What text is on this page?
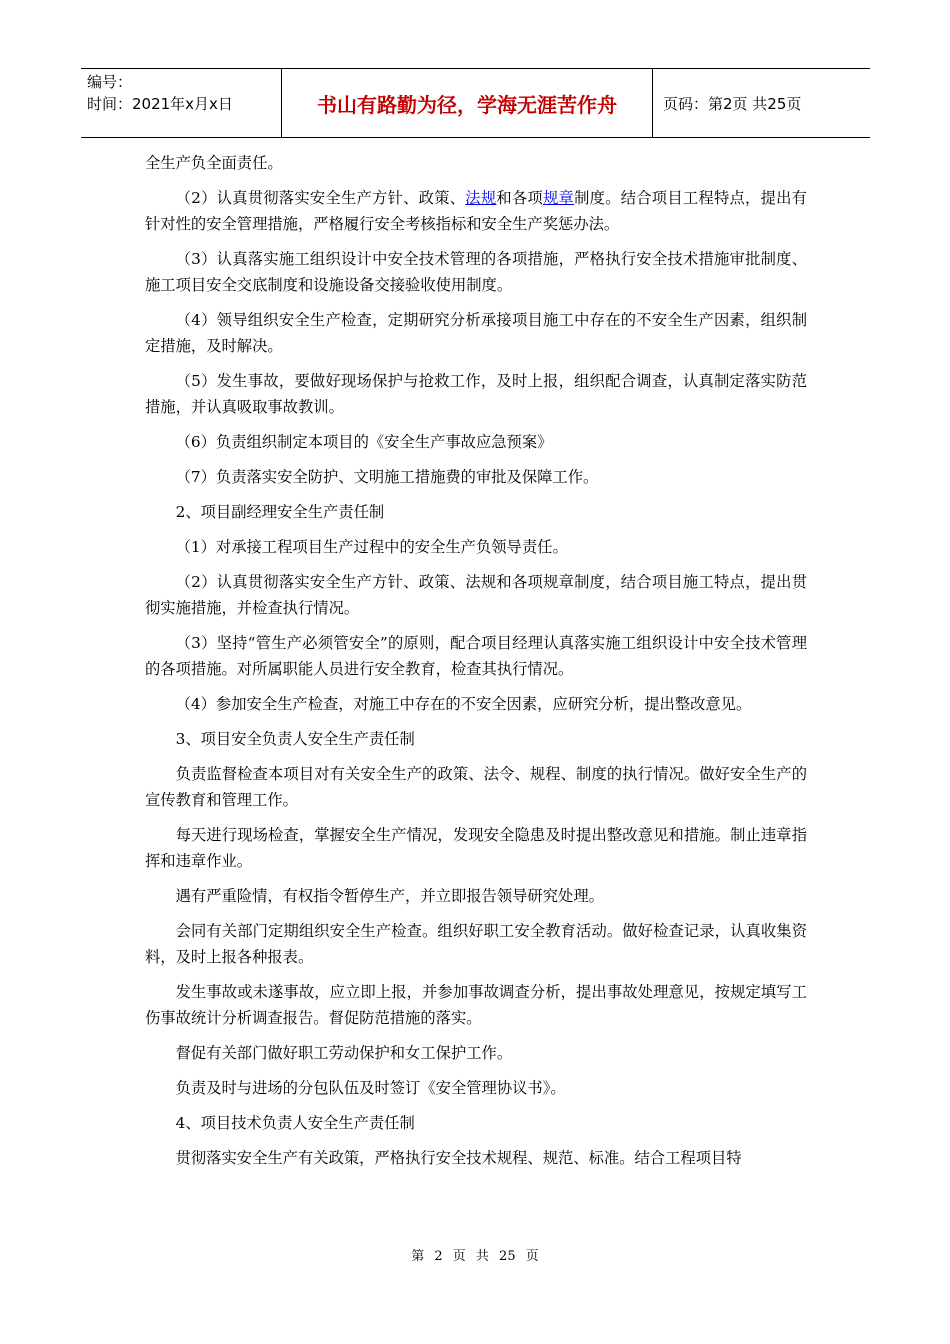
编号：
时间：2021年x月x日	书山有路勤为径，学海无涯苦作舟	页码：第2页 共25页

全生产负全面责任。

（2）认真贯彻落实安全生产方针、政策、法规和各项规章制度。结合项目工程特点，提出有针对性的安全管理措施，严格履行安全考核指标和安全生产奖惩办法。

（3）认真落实施工组织设计中安全技术管理的各项措施，严格执行安全技术措施审批制度、施工项目安全交底制度和设施设备交接验收使用制度。

（4）领导组织安全生产检查，定期研究分析承接项目施工中存在的不安全生产因素，组织制定措施，及时解决。

（5）发生事故，要做好现场保护与抢救工作，及时上报，组织配合调查，认真制定落实防范措施，并认真吸取事故教训。

（6）负责组织制定本项目的《安全生产事故应急预案》

（7）负责落实安全防护、文明施工措施费的审批及保障工作。

2、项目副经理安全生产责任制

（1）对承接工程项目生产过程中的安全生产负领导责任。

（2）认真贯彻落实安全生产方针、政策、法规和各项规章制度，结合项目施工特点，提出贯彻实施措施，并检查执行情况。

（3）坚持“管生产必须管安全”的原则，配合项目经理认真落实施工组织设计中安全技术管理的各项措施。对所属职能人员进行安全教育，检查其执行情况。

（4）参加安全生产检查，对施工中存在的不安全因素，应研究分析，提出整改意见。

3、项目安全负责人安全生产责任制

负责监督检查本项目对有关安全生产的政策、法令、规程、制度的执行情况。做好安全生产的宣传教育和管理工作。

每天进行现场检查，掌握安全生产情况，发现安全隐患及时提出整改意见和措施。制止违章指挥和违章作业。

遇有严重险情，有权指令暂停生产，并立即报告领导研究处理。

会同有关部门定期组织安全生产检查。组织好职工安全教育活动。做好检查记录，认真收集资料，及时上报各种报表。

发生事故或未遂事故，应立即上报，并参加事故调查分析，提出事故处理意见，按规定填写工伤事故统计分析调查报告。督促防范措施的落实。

督促有关部门做好职工劳动保护和女工保护工作。

负责及时与进场的分包队伍及时签订《安全管理协议书》。

4、项目技术负责人安全生产责任制

贯彻落实安全生产有关政策，严格执行安全技术规程、规范、标准。结合工程项目特

第 2 页 共 25 页
